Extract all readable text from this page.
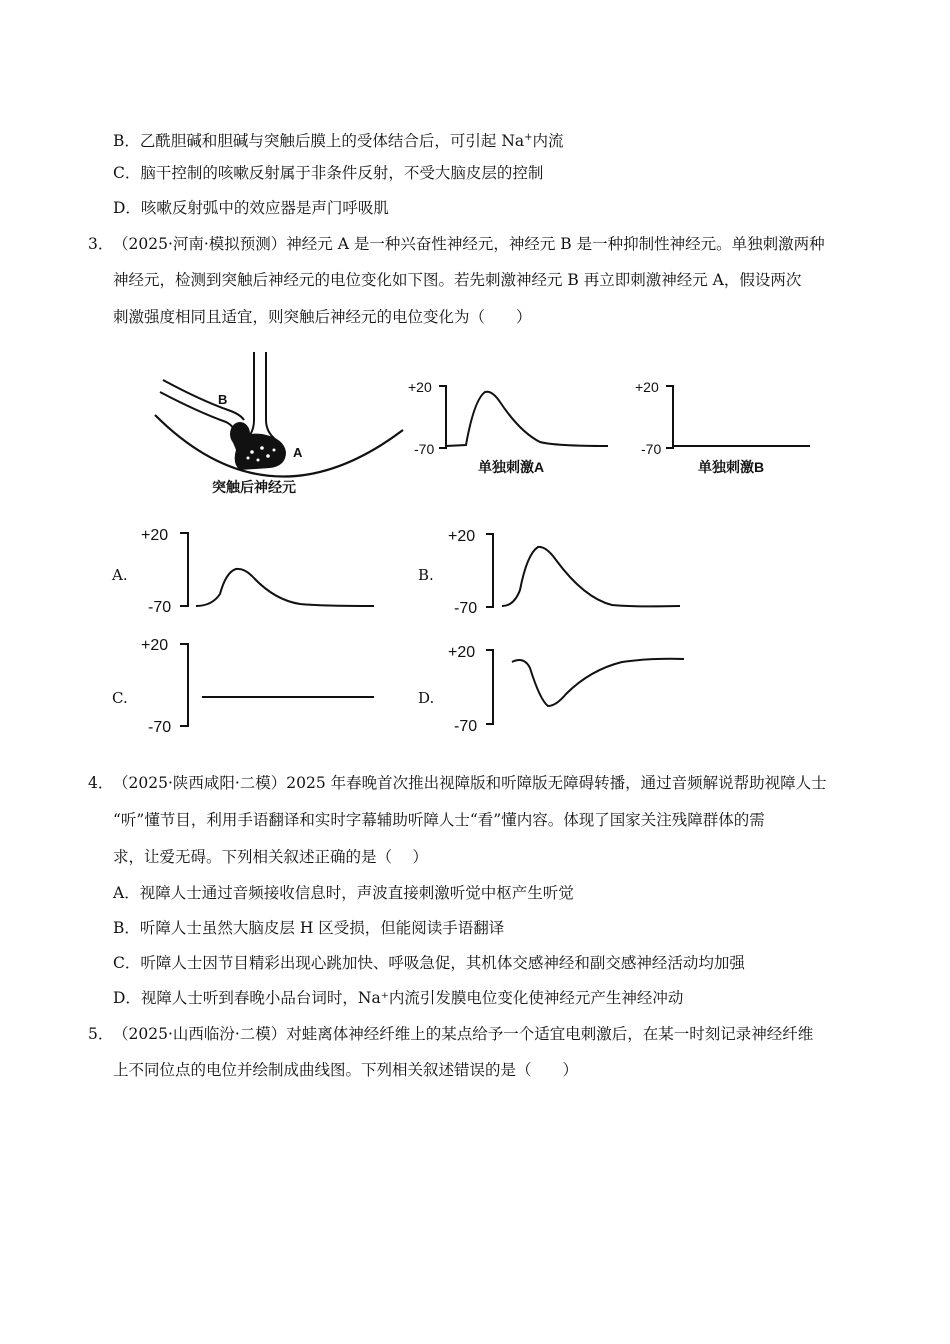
B．乙酰胆碱和胆碱与突触后膜上的受体结合后，可引起 Na+内流
C．脑干控制的咳嗽反射属于非条件反射，不受大脑皮层的控制
D．咳嗽反射弧中的效应器是声门呼吸肌
3． （2025·河南·模拟预测）神经元 A 是一种兴奋性神经元，神经元 B 是一种抑制性神经元。单独刺激两种
神经元，检测到突触后神经元的电位变化如下图。若先刺激神经元 B 再立即刺激神经元 A，假设两次
刺激强度相同且适宜，则突触后神经元的电位变化为（　　）
B
A
突触后神经元
+20
-70
单独刺激A
+20
-70
单独刺激B
+20
-70
+20
-70
+20
-70
+20
-70
A.	B.
C.	D.
4． （2025·陕西咸阳·二模）2025 年春晚首次推出视障版和听障版无障碍转播，通过音频解说帮助视障人士
“听”懂节目，利用手语翻译和实时字幕辅助听障人士“看”懂内容。体现了国家关注残障群体的需
求，让爱无碍。下列相关叙述正确的是（　 ）
A．视障人士通过音频接收信息时，声波直接刺激听觉中枢产生听觉
B．听障人士虽然大脑皮层 H 区受损，但能阅读手语翻译
C．听障人士因节目精彩出现心跳加快、呼吸急促，其机体交感神经和副交感神经活动均加强
D．视障人士听到春晚小品台词时，Na⁺内流引发膜电位变化使神经元产生神经冲动
5． （2025·山西临汾·二模）对蛙离体神经纤维上的某点给予一个适宜电刺激后，在某一时刻记录神经纤维
上不同位点的电位并绘制成曲线图。下列相关叙述错误的是（　　）
